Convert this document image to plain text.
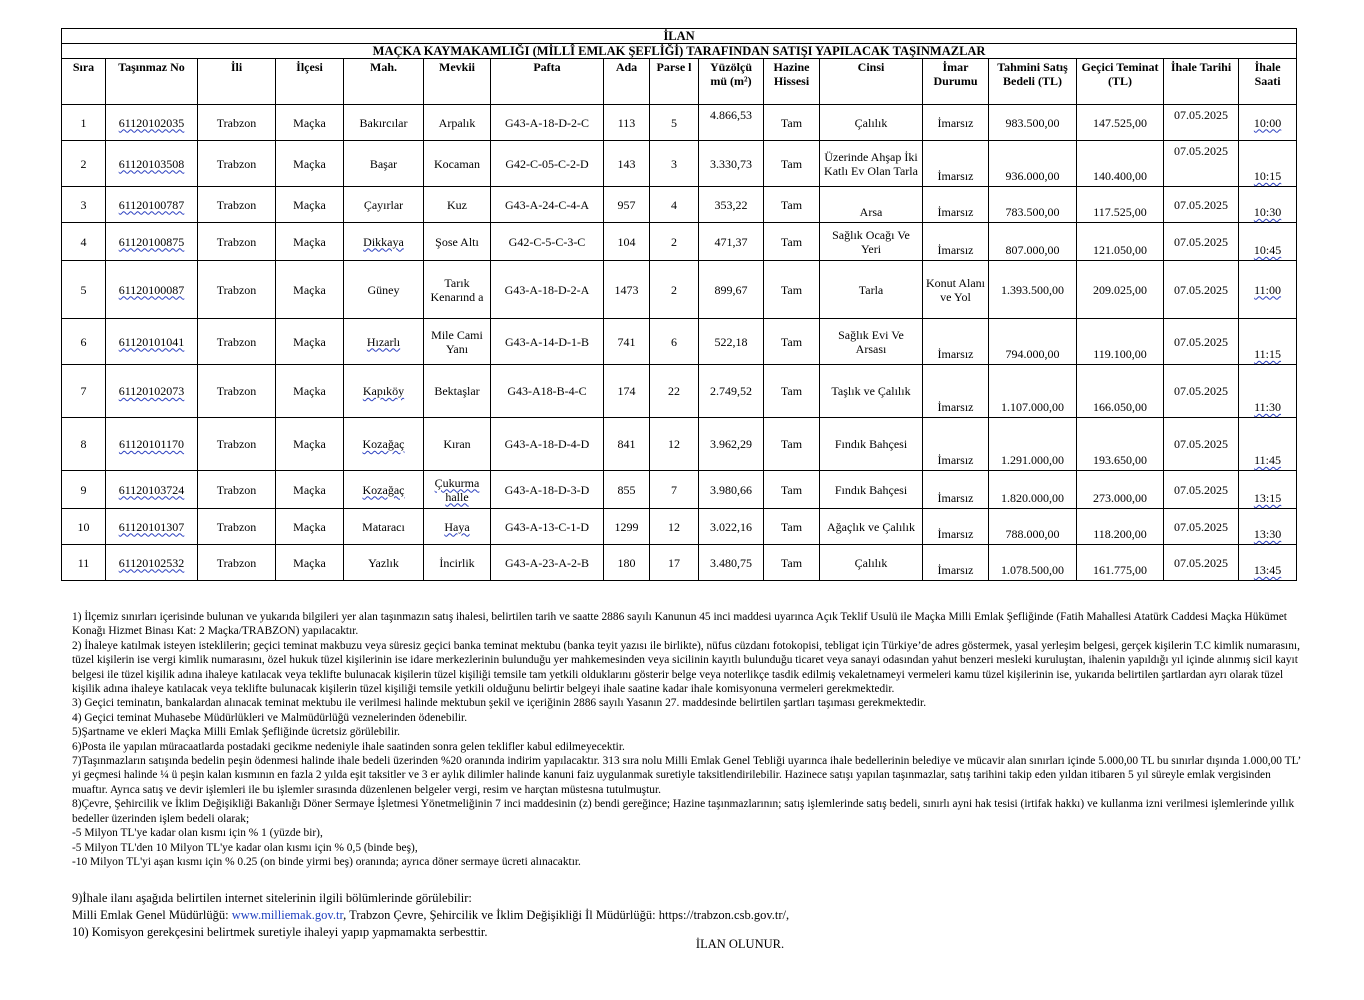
İLAN																
MAÇKA KAYMAKAMLIĞI (MİLLÎ EMLAK ŞEFLİĞİ) TARAFINDAN SATIŞI YAPILACAK TAŞINMAZLAR																
Sıra	Taşınmaz No	İli	İlçesi	Mah.	Mevkii	Pafta	Ada	Parse l	Yüzölçü mü (m²)	Hazine Hissesi	Cinsi	İmar Durumu	Tahmini Satış Bedeli (TL)	Geçici Teminat (TL)	İhale Tarihi	İhale Saati
1	61120102035	Trabzon	Maçka	Bakırcılar	Arpalık	G43-A-18-D-2-C	113	5	4.866,53	Tam	Çalılık	İmarsız	983.500,00	147.525,00	07.05.2025	10:00
2	61120103508	Trabzon	Maçka	Başar	Kocaman	G42-C-05-C-2-D	143	3	3.330,73	Tam	Üzerinde Ahşap İki Katlı Ev Olan Tarla	İmarsız	936.000,00	140.400,00	07.05.2025	10:15
3	61120100787	Trabzon	Maçka	Çayırlar	Kuz	G43-A-24-C-4-A	957	4	353,22	Tam	Arsa	İmarsız	783.500,00	117.525,00	07.05.2025	10:30
4	61120100875	Trabzon	Maçka	Dikkaya	Şose Altı	G42-C-5-C-3-C	104	2	471,37	Tam	Sağlık Ocağı Ve Yeri	İmarsız	807.000,00	121.050,00	07.05.2025	10:45
5	61120100087	Trabzon	Maçka	Güney	Tarık Kenarınd a	G43-A-18-D-2-A	1473	2	899,67	Tam	Tarla	Konut Alanı ve Yol	1.393.500,00	209.025,00	07.05.2025	11:00
6	61120101041	Trabzon	Maçka	Hızarlı	Mile Cami Yanı	G43-A-14-D-1-B	741	6	522,18	Tam	Sağlık Evi Ve Arsası	İmarsız	794.000,00	119.100,00	07.05.2025	11:15
7	61120102073	Trabzon	Maçka	Kapıköy	Bektaşlar	G43-A18-B-4-C	174	22	2.749,52	Tam	Taşlık ve Çalılık	İmarsız	1.107.000,00	166.050,00	07.05.2025	11:30
8	61120101170	Trabzon	Maçka	Kozağaç	Kıran	G43-A-18-D-4-D	841	12	3.962,29	Tam	Fındık Bahçesi	İmarsız	1.291.000,00	193.650,00	07.05.2025	11:45
9	61120103724	Trabzon	Maçka	Kozağaç	Çukurma halle	G43-A-18-D-3-D	855	7	3.980,66	Tam	Fındık Bahçesi	İmarsız	1.820.000,00	273.000,00	07.05.2025	13:15
10	61120101307	Trabzon	Maçka	Mataracı	Haya	G43-A-13-C-1-D	1299	12	3.022,16	Tam	Ağaçlık ve Çalılık	İmarsız	788.000,00	118.200,00	07.05.2025	13:30
11	61120102532	Trabzon	Maçka	Yazlık	İncirlik	G43-A-23-A-2-B	180	17	3.480,75	Tam	Çalılık	İmarsız	1.078.500,00	161.775,00	07.05.2025	13:45

1) İlçemiz sınırları içerisinde bulunan ve yukarıda bilgileri yer alan taşınmazın satış ihalesi, belirtilen tarih ve saatte 2886 sayılı Kanunun 45 inci maddesi uyarınca Açık Teklif Usulü ile Maçka Milli Emlak Şefliğinde (Fatih Mahallesi Atatürk Caddesi Maçka Hükümet Konağı Hizmet Binası Kat: 2 Maçka/TRABZON) yapılacaktır.

2) İhaleye katılmak isteyen isteklilerin; geçici teminat makbuzu veya süresiz geçici banka teminat mektubu (banka teyit yazısı ile birlikte), nüfus cüzdanı fotokopisi, tebligat için Türkiye’de adres göstermek, yasal yerleşim belgesi, gerçek kişilerin T.C kimlik numarasını, tüzel kişilerin ise vergi kimlik numarasını, özel hukuk tüzel kişilerinin ise idare merkezlerinin bulunduğu yer mahkemesinden veya sicilinin kayıtlı bulunduğu ticaret veya sanayi odasından yahut benzeri mesleki kuruluştan, ihalenin yapıldığı yıl içinde alınmış sicil kayıt belgesi ile tüzel kişilik adına ihaleye katılacak veya teklifte bulunacak kişilerin tüzel kişiliği temsile tam yetkili olduklarını gösterir belge veya noterlikçe tasdik edilmiş vekaletnameyi vermeleri kamu tüzel kişilerinin ise, yukarıda belirtilen şartlardan ayrı olarak tüzel kişilik adına ihaleye katılacak veya teklifte bulunacak kişilerin tüzel kişiliği temsile yetkili olduğunu belirtir belgeyi ihale saatine kadar ihale komisyonuna vermeleri gerekmektedir.

3) Geçici teminatın, bankalardan alınacak teminat mektubu ile verilmesi halinde mektubun şekil ve içeriğinin 2886 sayılı Yasanın 27. maddesinde belirtilen şartları taşıması gerekmektedir.

4) Geçici teminat Muhasebe Müdürlükleri ve Malmüdürlüğü veznelerinden ödenebilir.

5)Şartname ve ekleri Maçka Milli Emlak Şefliğinde ücretsiz görülebilir.

6)Posta ile yapılan müracaatlarda postadaki gecikme nedeniyle ihale saatinden sonra gelen teklifler kabul edilmeyecektir.

7)Taşınmazların satışında bedelin peşin ödenmesi halinde ihale bedeli üzerinden %20 oranında indirim yapılacaktır. 313 sıra nolu Milli Emlak Genel Tebliği uyarınca ihale bedellerinin belediye ve mücavir alan sınırları içinde 5.000,00 TL bu sınırlar dışında 1.000,00 TL’ yi geçmesi halinde ¼ ü peşin kalan kısmının en fazla 2 yılda eşit taksitler ve 3 er aylık dilimler halinde kanuni faiz uygulanmak suretiyle taksitlendirilebilir. Hazinece satışı yapılan taşınmazlar, satış tarihini takip eden yıldan itibaren 5 yıl süreyle emlak vergisinden muaftır. Ayrıca satış ve devir işlemleri ile bu işlemler sırasında düzenlenen belgeler vergi, resim ve harçtan müstesna tutulmuştur.

8)Çevre, Şehircilik ve İklim Değişikliği Bakanlığı Döner Sermaye İşletmesi Yönetmeliğinin 7 inci maddesinin (z) bendi gereğince; Hazine taşınmazlarının; satış işlemlerinde satış bedeli, sınırlı ayni hak tesisi (irtifak hakkı) ve kullanma izni verilmesi işlemlerinde yıllık bedeller üzerinden işlem bedeli olarak;

-5 Milyon TL'ye kadar olan kısmı için % 1 (yüzde bir),

-5 Milyon TL'den 10 Milyon TL'ye kadar olan kısmı için % 0,5 (binde beş),

-10 Milyon TL'yi aşan kısmı için % 0.25 (on binde yirmi beş) oranında; ayrıca döner sermaye ücreti alınacaktır.

9)İhale ilanı aşağıda belirtilen internet sitelerinin ilgili bölümlerinde görülebilir:

Milli Emlak Genel Müdürlüğü: www.milliemak.gov.tr, Trabzon Çevre, Şehircilik ve İklim Değişikliği İl Müdürlüğü: https://trabzon.csb.gov.tr/,

10) Komisyon gerekçesini belirtmek suretiyle ihaleyi yapıp yapmamakta serbesttir.

İLAN OLUNUR.
